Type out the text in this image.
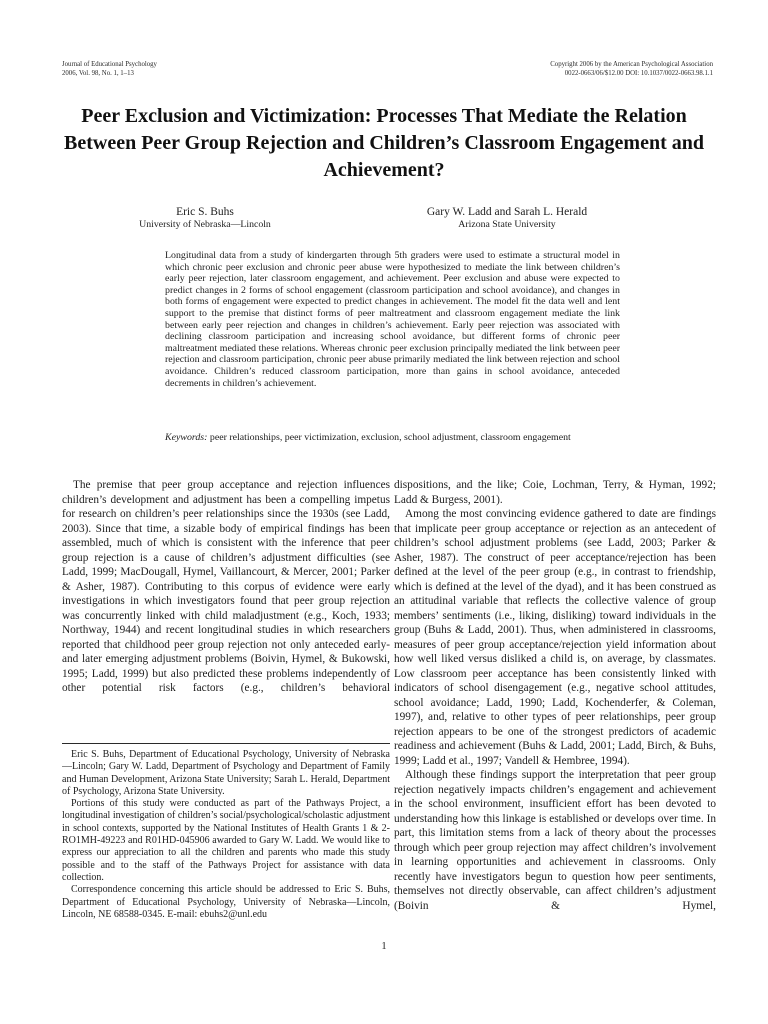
Journal of Educational Psychology
2006, Vol. 98, No. 1, 1–13
Copyright 2006 by the American Psychological Association
0022-0663/06/$12.00 DOI: 10.1037/0022-0663.98.1.1
Peer Exclusion and Victimization: Processes That Mediate the Relation Between Peer Group Rejection and Children’s Classroom Engagement and Achievement?
Eric S. Buhs
University of Nebraska—Lincoln
Gary W. Ladd and Sarah L. Herald
Arizona State University
Longitudinal data from a study of kindergarten through 5th graders were used to estimate a structural model in which chronic peer exclusion and chronic peer abuse were hypothesized to mediate the link between children’s early peer rejection, later classroom engagement, and achievement. Peer exclusion and abuse were expected to predict changes in 2 forms of school engagement (classroom participation and school avoidance), and changes in both forms of engagement were expected to predict changes in achievement. The model fit the data well and lent support to the premise that distinct forms of peer maltreatment and classroom engagement mediate the link between early peer rejection and changes in children’s achievement. Early peer rejection was associated with declining classroom participation and increasing school avoidance, but different forms of chronic peer maltreatment mediated these relations. Whereas chronic peer exclusion principally mediated the link between peer rejection and classroom participation, chronic peer abuse primarily mediated the link between rejection and school avoidance. Children’s reduced classroom participation, more than gains in school avoidance, anteceded decrements in children’s achievement.
Keywords: peer relationships, peer victimization, exclusion, school adjustment, classroom engagement

The premise that peer group acceptance and rejection influences children’s development and adjustment has been a compelling impetus for research on children’s peer relationships since the 1930s (see Ladd, 2003). Since that time, a sizable body of empirical findings has been assembled, much of which is consistent with the inference that peer group rejection is a cause of children’s adjustment difficulties (see Ladd, 1999; MacDougall, Hymel, Vaillancourt, & Mercer, 2001; Parker & Asher, 1987). Contributing to this corpus of evidence were early investigations in which investigators found that peer group rejection was concurrently linked with child maladjustment (e.g., Koch, 1933; Northway, 1944) and recent longitudinal studies in which researchers reported that childhood peer group rejection not only anteceded early- and later emerging adjustment problems (Boivin, Hymel, & Bukowski, 1995; Ladd, 1999) but also predicted these problems independently of other potential risk factors (e.g., children’s behavioral

Eric S. Buhs, Department of Educational Psychology, University of Nebraska—Lincoln; Gary W. Ladd, Department of Psychology and Department of Family and Human Development, Arizona State University; Sarah L. Herald, Department of Psychology, Arizona State University.

Portions of this study were conducted as part of the Pathways Project, a longitudinal investigation of children’s social/psychological/scholastic adjustment in school contexts, supported by the National Institutes of Health Grants 1 & 2-RO1MH-49223 and R01HD-045906 awarded to Gary W. Ladd. We would like to express our appreciation to all the children and parents who made this study possible and to the staff of the Pathways Project for assistance with data collection.

Correspondence concerning this article should be addressed to Eric S. Buhs, Department of Educational Psychology, University of Nebraska—Lincoln, Lincoln, NE 68588-0345. E-mail: ebuhs2@unl.edu

dispositions, and the like; Coie, Lochman, Terry, & Hyman, 1992; Ladd & Burgess, 2001).

Among the most convincing evidence gathered to date are findings that implicate peer group acceptance or rejection as an antecedent of children’s school adjustment problems (see Ladd, 2003; Parker & Asher, 1987). The construct of peer acceptance/rejection has been defined at the level of the peer group (e.g., in contrast to friendship, which is defined at the level of the dyad), and it has been construed as an attitudinal variable that reflects the collective valence of group members’ sentiments (i.e., liking, disliking) toward individuals in the group (Buhs & Ladd, 2001). Thus, when administered in classrooms, measures of peer group acceptance/rejection yield information about how well liked versus disliked a child is, on average, by classmates. Low classroom peer acceptance has been consistently linked with indicators of school disengagement (e.g., negative school attitudes, school avoidance; Ladd, 1990; Ladd, Kochenderfer, & Coleman, 1997), and, relative to other types of peer relationships, peer group rejection appears to be one of the strongest predictors of academic readiness and achievement (Buhs & Ladd, 2001; Ladd, Birch, & Buhs, 1999; Ladd et al., 1997; Vandell & Hembree, 1994).

Although these findings support the interpretation that peer group rejection negatively impacts children’s engagement and achievement in the school environment, insufficient effort has been devoted to understanding how this linkage is established or develops over time. In part, this limitation stems from a lack of theory about the processes through which peer group rejection may affect children’s involvement in learning opportunities and achievement in classrooms. Only recently have investigators begun to question how peer sentiments, themselves not directly observable, can affect children’s adjustment (Boivin & Hymel,

1
